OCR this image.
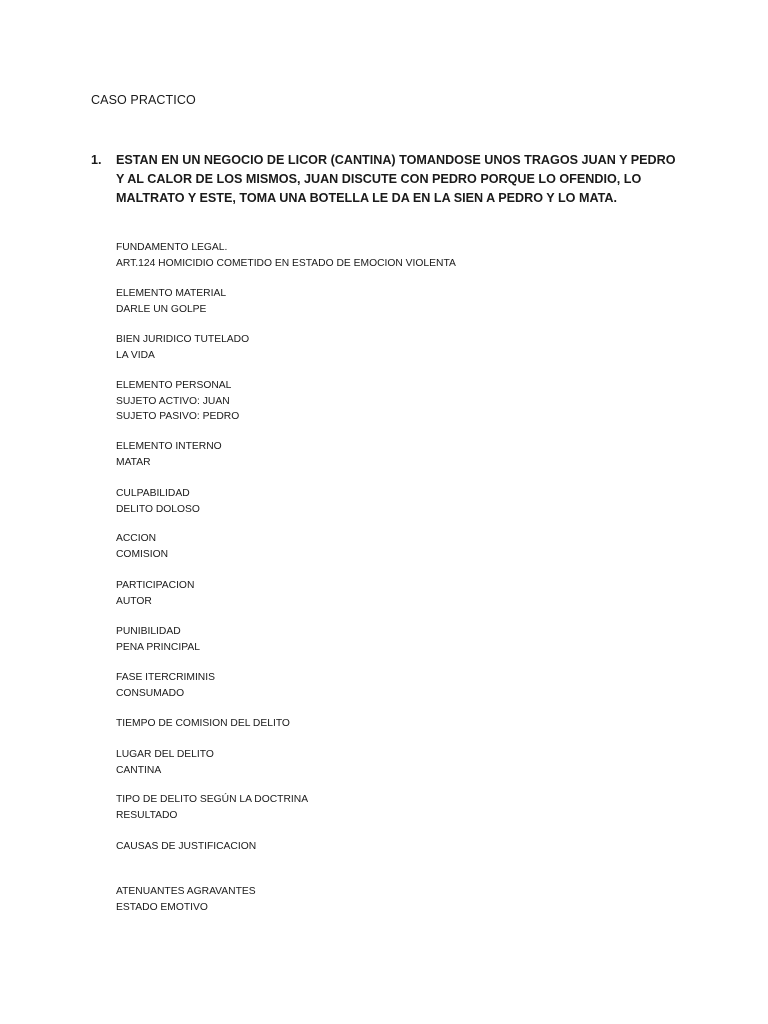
CASO PRACTICO
1.	ESTAN EN UN NEGOCIO DE LICOR (CANTINA) TOMANDOSE UNOS TRAGOS JUAN Y PEDRO
Y AL CALOR DE LOS MISMOS, JUAN DISCUTE CON PEDRO PORQUE LO OFENDIO, LO
MALTRATO Y ESTE, TOMA UNA BOTELLA LE DA EN LA SIEN A PEDRO Y LO MATA.
FUNDAMENTO LEGAL.
ART.124 HOMICIDIO COMETIDO EN ESTADO DE EMOCION VIOLENTA
ELEMENTO MATERIAL
DARLE UN GOLPE
BIEN JURIDICO TUTELADO
LA VIDA
ELEMENTO PERSONAL
SUJETO ACTIVO: JUAN
SUJETO PASIVO: PEDRO
ELEMENTO INTERNO
MATAR
CULPABILIDAD
DELITO DOLOSO
ACCION
COMISION
PARTICIPACION
AUTOR
PUNIBILIDAD
PENA PRINCIPAL
FASE ITERCRIMINIS
CONSUMADO
TIEMPO DE COMISION DEL DELITO
LUGAR DEL DELITO
CANTINA
TIPO DE DELITO SEGÚN LA DOCTRINA
RESULTADO
CAUSAS DE JUSTIFICACION
ATENUANTES AGRAVANTES
ESTADO EMOTIVO
